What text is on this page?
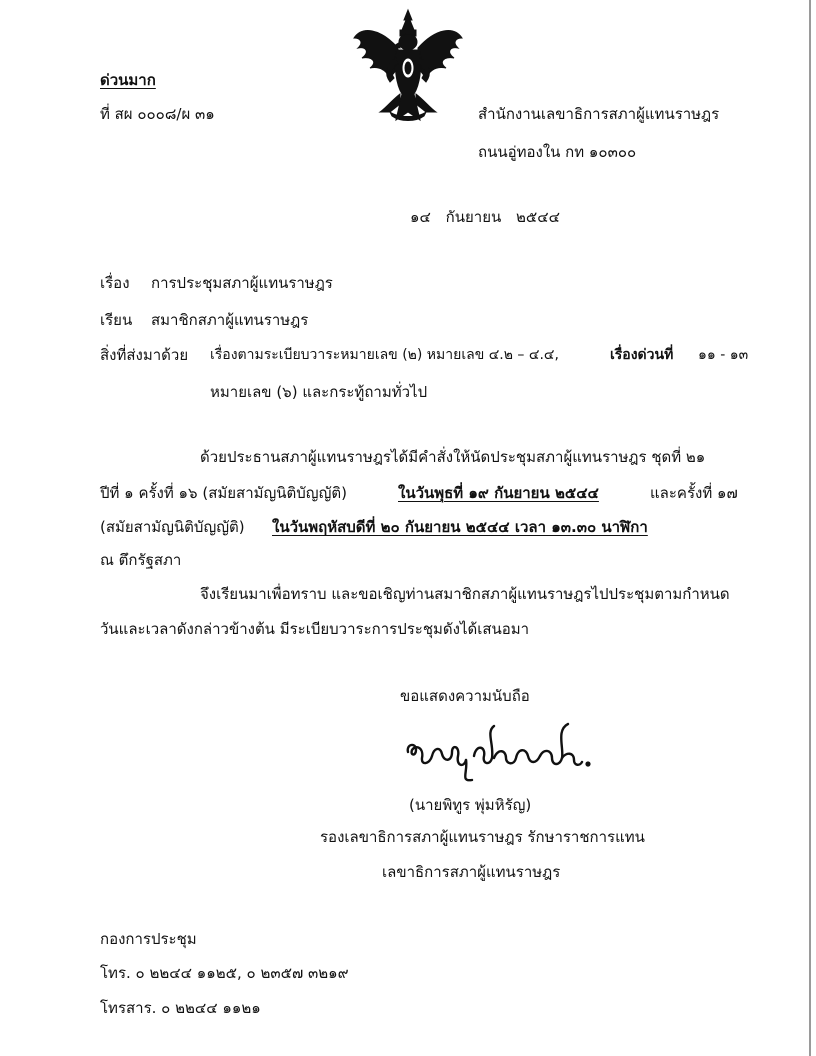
ด่วนมาก
ที่ สผ ๐๐๐๘/ผ ๓๑	สำนักงานเลขาธิการสภาผู้แทนราษฎร
ถนนอู่ทองใน กท ๑๐๓๐๐
๑๔ กันยายน ๒๕๔๔
เรื่อง การประชุมสภาผู้แทนราษฎร
เรียน สมาชิกสภาผู้แทนราษฎร
สิ่งที่ส่งมาด้วย เรื่องตามระเบียบวาระหมายเลข (๒) หมายเลข ๔.๒ – ๔.๔,	เรื่องด่วนที่ ๑๑ - ๑๓
หมายเลข (๖) และกระทู้ถามทั่วไป
ด้วยประธานสภาผู้แทนราษฎรได้มีคำสั่งให้นัดประชุมสภาผู้แทนราษฎร ชุดที่ ๒๑
ปีที่ ๑ ครั้งที่ ๑๖ (สมัยสามัญนิติบัญญัติ)	ในวันพุธที่ ๑๙ กันยายน ๒๕๔๔	และครั้งที่ ๑๗
(สมัยสามัญนิติบัญญัติ) ในวันพฤหัสบดีที่ ๒๐ กันยายน ๒๕๔๔ เวลา ๑๓.๓๐ นาฬิกา
ณ ตึกรัฐสภา
จึงเรียนมาเพื่อทราบ และขอเชิญท่านสมาชิกสภาผู้แทนราษฎรไปประชุมตามกำหนด
วันและเวลาดังกล่าวข้างต้น มีระเบียบวาระการประชุมดังได้เสนอมา
ขอแสดงความนับถือ
(นายพิทูร พุ่มหิรัญ)
รองเลขาธิการสภาผู้แทนราษฎร รักษาราชการแทน
เลขาธิการสภาผู้แทนราษฎร
กองการประชุม
โทร. ๐ ๒๒๔๔ ๑๑๒๕, ๐ ๒๓๕๗ ๓๒๑๙
โทรสาร. ๐ ๒๒๔๔ ๑๑๒๑
